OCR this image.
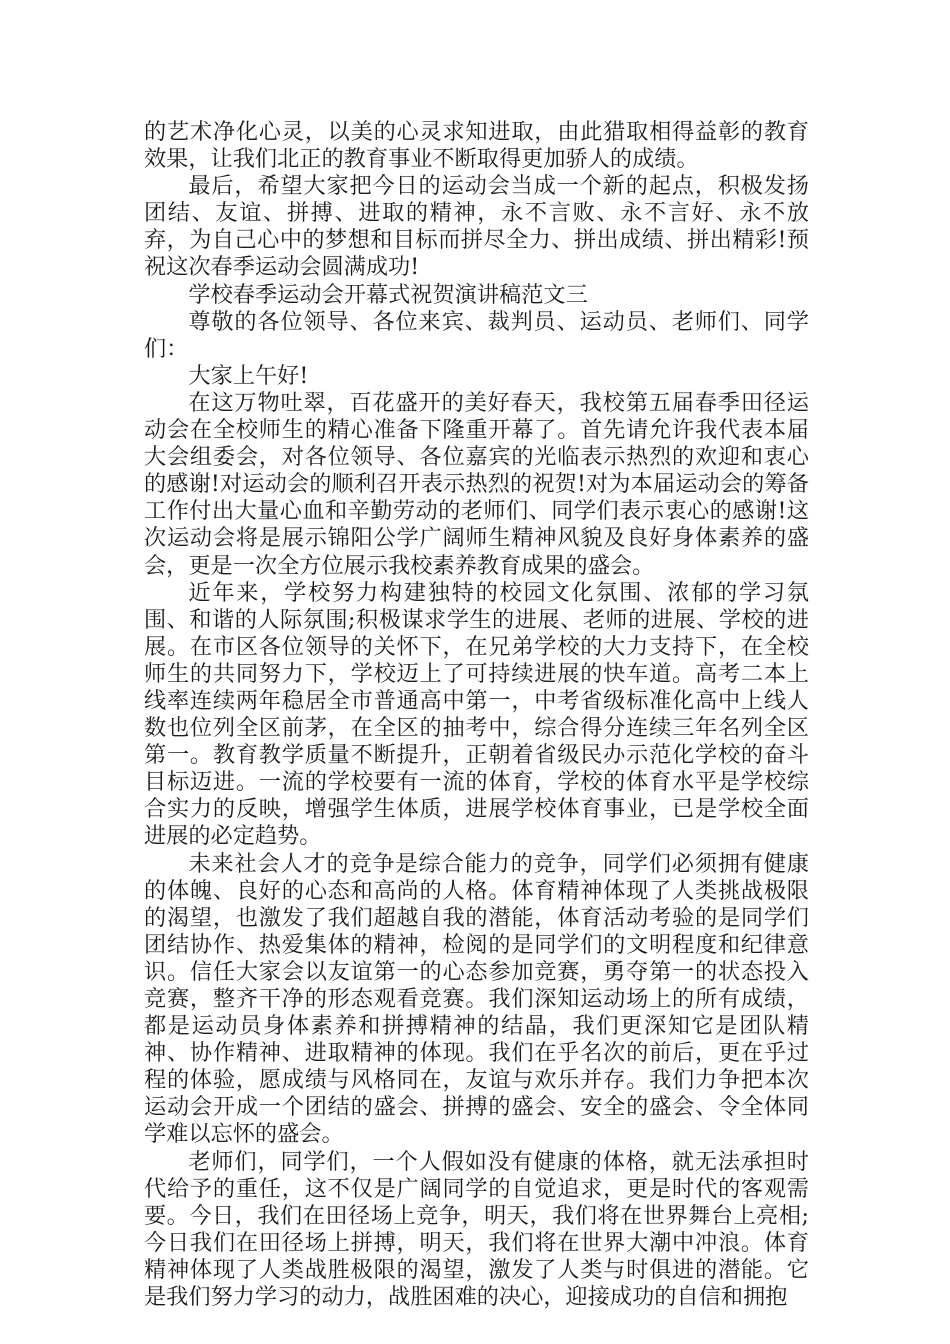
的艺术净化心灵，以美的心灵求知进取，由此猎取相得益彰的教育效果，让我们北正的教育事业不断取得更加骄人的成绩。

最后，希望大家把今日的运动会当成一个新的起点，积极发扬团结、友谊、拼搏、进取的精神，永不言败、永不言好、永不放弃，为自己心中的梦想和目标而拼尽全力、拼出成绩、拼出精彩!预祝这次春季运动会圆满成功!

学校春季运动会开幕式祝贺演讲稿范文三

尊敬的各位领导、各位来宾、裁判员、运动员、老师们、同学们：

大家上午好!

在这万物吐翠，百花盛开的美好春天，我校第五届春季田径运动会在全校师生的精心准备下隆重开幕了。首先请允许我代表本届大会组委会，对各位领导、各位嘉宾的光临表示热烈的欢迎和衷心的感谢!对运动会的顺利召开表示热烈的祝贺!对为本届运动会的筹备工作付出大量心血和辛勤劳动的老师们、同学们表示衷心的感谢!这次运动会将是展示锦阳公学广阔师生精神风貌及良好身体素养的盛会，更是一次全方位展示我校素养教育成果的盛会。

近年来，学校努力构建独特的校园文化氛围、浓郁的学习氛围、和谐的人际氛围;积极谋求学生的进展、老师的进展、学校的进展。在市区各位领导的关怀下，在兄弟学校的大力支持下，在全校师生的共同努力下，学校迈上了可持续进展的快车道。高考二本上线率连续两年稳居全市普通高中第一，中考省级标准化高中上线人数也位列全区前茅，在全区的抽考中，综合得分连续三年名列全区第一。教育教学质量不断提升，正朝着省级民办示范化学校的奋斗目标迈进。一流的学校要有一流的体育，学校的体育水平是学校综合实力的反映，增强学生体质，进展学校体育事业，已是学校全面进展的必定趋势。

未来社会人才的竞争是综合能力的竞争，同学们必须拥有健康的体魄、良好的心态和高尚的人格。体育精神体现了人类挑战极限的渴望，也激发了我们超越自我的潜能，体育活动考验的是同学们团结协作、热爱集体的精神，检阅的是同学们的文明程度和纪律意识。信任大家会以友谊第一的心态参加竞赛，勇夺第一的状态投入竞赛，整齐干净的形态观看竞赛。我们深知运动场上的所有成绩，都是运动员身体素养和拼搏精神的结晶，我们更深知它是团队精神、协作精神、进取精神的体现。我们在乎名次的前后，更在乎过程的体验，愿成绩与风格同在，友谊与欢乐并存。我们力争把本次运动会开成一个团结的盛会、拼搏的盛会、安全的盛会、令全体同学难以忘怀的盛会。

老师们，同学们，一个人假如没有健康的体格，就无法承担时代给予的重任，这不仅是广阔同学的自觉追求，更是时代的客观需要。今日，我们在田径场上竞争，明天，我们将在世界舞台上亮相;今日我们在田径场上拼搏，明天，我们将在世界大潮中冲浪。体育精神体现了人类战胜极限的渴望，激发了人类与时俱进的潜能。它是我们努力学习的动力，战胜困难的决心，迎接成功的自信和拥抱
